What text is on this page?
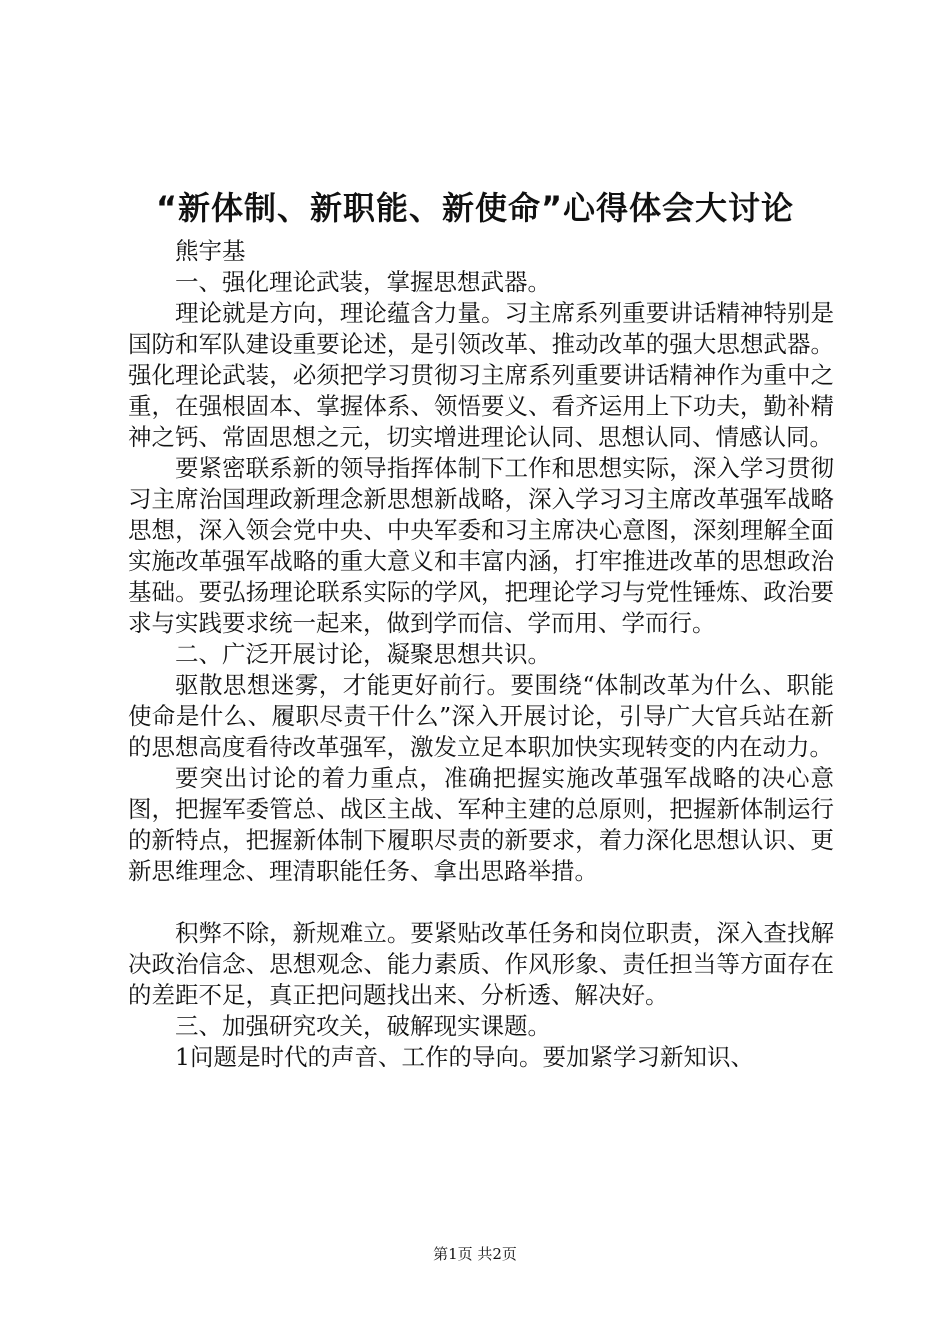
“新体制、新职能、新使命”心得体会大讨论

熊宇基

一、强化理论武装，掌握思想武器。

理论就是方向，理论蕴含力量。习主席系列重要讲话精神特别是国防和军队建设重要论述，是引领改革、推动改革的强大思想武器。强化理论武装，必须把学习贯彻习主席系列重要讲话精神作为重中之重，在强根固本、掌握体系、领悟要义、看齐运用上下功夫，勤补精神之钙、常固思想之元，切实增进理论认同、思想认同、情感认同。

要紧密联系新的领导指挥体制下工作和思想实际，深入学习贯彻习主席治国理政新理念新思想新战略，深入学习习主席改革强军战略思想，深入领会党中央、中央军委和习主席决心意图，深刻理解全面实施改革强军战略的重大意义和丰富内涵，打牢推进改革的思想政治基础。要弘扬理论联系实际的学风，把理论学习与党性锤炼、政治要求与实践要求统一起来，做到学而信、学而用、学而行。

二、广泛开展讨论，凝聚思想共识。

驱散思想迷雾，才能更好前行。要围绕“体制改革为什么、职能使命是什么、履职尽责干什么”深入开展讨论，引导广大官兵站在新的思想高度看待改革强军，激发立足本职加快实现转变的内在动力。

要突出讨论的着力重点，准确把握实施改革强军战略的决心意图，把握军委管总、战区主战、军种主建的总原则，把握新体制运行的新特点，把握新体制下履职尽责的新要求，着力深化思想认识、更新思维理念、理清职能任务、拿出思路举措。

积弊不除，新规难立。要紧贴改革任务和岗位职责，深入查找解决政治信念、思想观念、能力素质、作风形象、责任担当等方面存在的差距不足，真正把问题找出来、分析透、解决好。

三、加强研究攻关，破解现实课题。

1问题是时代的声音、工作的导向。要加紧学习新知识、

第1页 共2页
